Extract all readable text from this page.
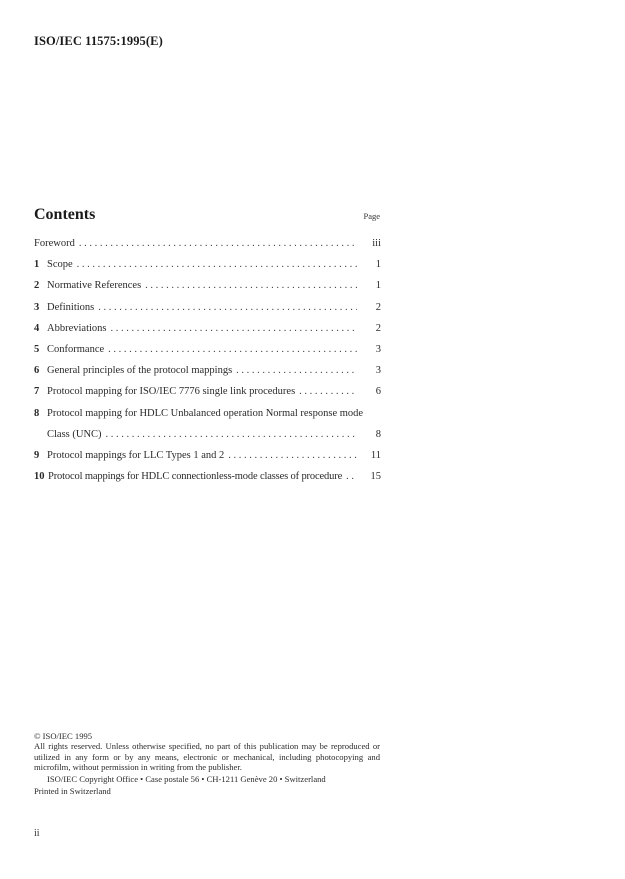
ISO/IEC 11575:1995(E)
Contents	Page
Foreword . . .	iii
1 Scope . . .	1
2 Normative References . . .	1
3 Definitions . . .	2
4 Abbreviations . . .	2
5 Conformance . . .	3
6 General principles of the protocol mappings . . .	3
7 Protocol mapping for ISO/IEC 7776 single link procedures . . .	6
8 Protocol mapping for HDLC Unbalanced operation Normal response mode
Class (UNC) . . .	8
9 Protocol mappings for LLC Types 1 and 2 . . .	11
10 Protocol mappings for HDLC connectionless-mode classes of procedure . . .	15

© ISO/IEC 1995

All rights reserved. Unless otherwise specified, no part of this publication may be reproduced or utilized in any form or by any means, electronic or mechanical, including photocopying and microfilm, without permission in writing from the publisher.

ISO/IEC Copyright Office • Case postale 56 • CH-1211 Genève 20 • Switzerland

Printed in Switzerland

ii
